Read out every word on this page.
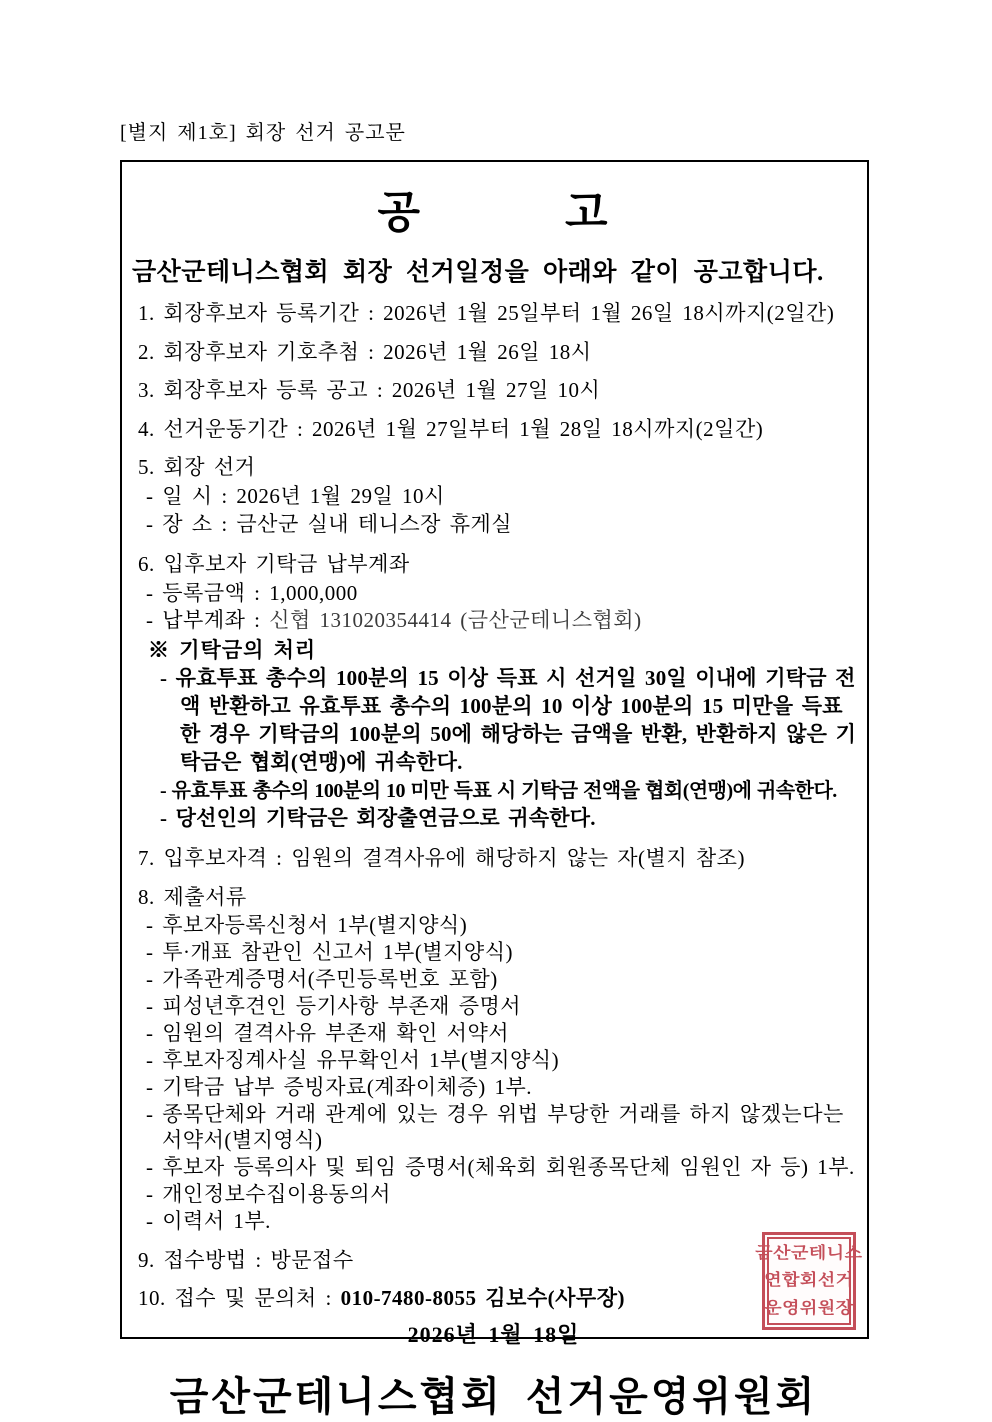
[별지 제1호] 회장 선거 공고문
공 고
금산군테니스협회 회장 선거일정을 아래와 같이 공고합니다.
1. 회장후보자 등록기간 : 2026년 1월 25일부터 1월 26일 18시까지(2일간)
2. 회장후보자 기호추첨 : 2026년 1월 26일 18시
3. 회장후보자 등록 공고 : 2026년 1월 27일 10시
4. 선거운동기간 : 2026년 1월 27일부터 1월 28일 18시까지(2일간)
5. 회장 선거
- 일 시 : 2026년 1월 29일 10시
- 장 소 : 금산군 실내 테니스장 휴게실
6. 입후보자 기탁금 납부계좌
- 등록금액 : 1,000,000
- 납부계좌 : 신협 131020354414 (금산군테니스협회)
※ 기탁금의 처리
- 유효투표 총수의 100분의 15 이상 득표 시 선거일 30일 이내에 기탁금 전액 반환하고 유효투표 총수의 100분의 10 이상 100분의 15 미만을 득표한 경우 기탁금의 100분의 50에 해당하는 금액을 반환, 반환하지 않은 기탁금은 협회(연맹)에 귀속한다.
- 유효투표 총수의 100분의 10 미만 득표 시 기탁금 전액을 협회(연맹)에 귀속한다.
- 당선인의 기탁금은 회장출연금으로 귀속한다.
7. 입후보자격 : 임원의 결격사유에 해당하지 않는 자(별지 참조)
8. 제출서류
- 후보자등록신청서 1부(별지양식)
- 투·개표 참관인 신고서 1부(별지양식)
- 가족관계증명서(주민등록번호 포함)
- 피성년후견인 등기사항 부존재 증명서
- 임원의 결격사유 부존재 확인 서약서
- 후보자징계사실 유무확인서 1부(별지양식)
- 기탁금 납부 증빙자료(계좌이체증) 1부.
- 종목단체와 거래 관계에 있는 경우 위법 부당한 거래를 하지 않겠는다는 서약서(별지영식)
- 후보자 등록의사 및 퇴임 증명서(체육회 회원종목단체 임원인 자 등) 1부.
- 개인정보수집이용동의서
- 이력서 1부.
9. 접수방법 : 방문접수
10. 접수 및 문의처 : 010-7480-8055 김보수(사무장)
2026년 1월 18일
금산군테니스협회 선거운영위원회
금산군테니스
연합회선거
운영위원장
